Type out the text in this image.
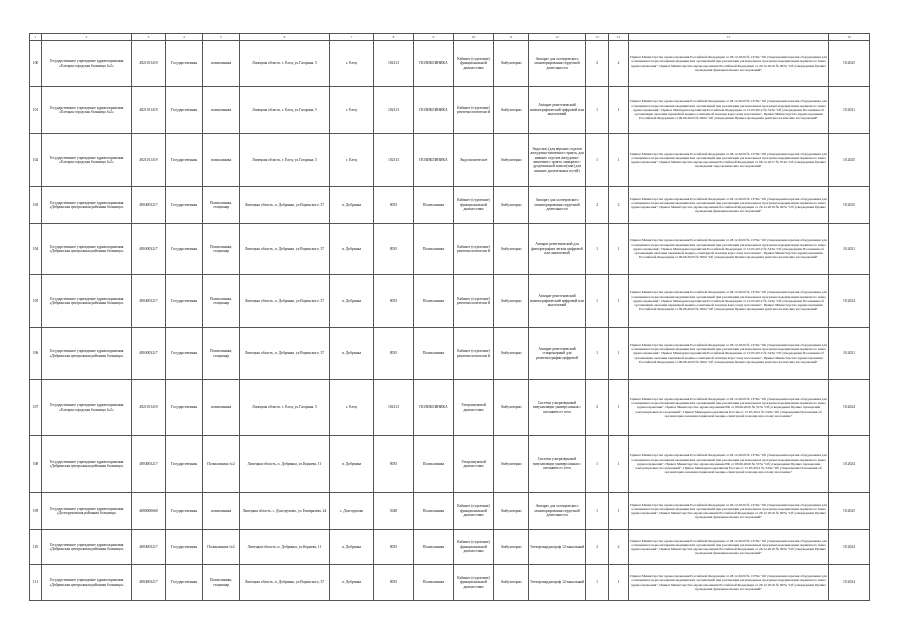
1	2	3	4	5	6	7	8	9	10	11	12	13	14	15	16
100	Государственное учреждение здравоохранения «Елецкая городская больница №2»	4821011419	Государственная	поликлиника	Липецкая область, г. Елец, ул.Гагарина, 5	г. Елец	102313	ПОЛИКЛИНИКА	Кабинет (отделение) функциональной диагностики	Амбулаторно	Аппарат для холтеровского мониторирования сердечной деятельности	2	2	Приказ Министерства здравоохранения Российской Федерации от 28.12.2020 № 1379н "Об утверждении перечня оборудования для оснащения и переоснащения медицинских организаций при реализации региональных программ модернизации первичного звена здравоохранения", Приказ Министерства здравоохранения Российской Федерации от 26.12.2016 № 997н "Об утверждении Правил проведения функциональных исследований"	10.2025
101	Государственное учреждение здравоохранения «Елецкая городская больница №2»	4821011419	Государственная	поликлиника	Липецкая область, г. Елец, ул.Гагарина, 5	г. Елец	102313	ПОЛИКЛИНИКА	Кабинет (отделение) рентгенологически й	Амбулаторно	Аппарат рентгеновский маммографический цифровой или аналоговый	1	1	Приказ Министерства здравоохранения Российской Федерации от 28.12.2020 № 1379н "Об утверждении перечня оборудования для оснащения и переоснащения медицинских организаций при реализации региональных программ модернизации первичного звена здравоохранения", Приказ Минздравсоцразвития Российской Федерации от 15.05.2012 № 543н "Об утверждении Положения об организации оказания первичной медико-санитарной помощи взрослому населению", Приказ Министерства здравоохранения Российской Федерации от 09.06.2020 № 560н "Об утверждении Правил проведения рентгенологических исследований"	10.2021
102	Государственное учреждение здравоохранения «Елецкая городская больница №2»	4821011419	Государственная	поликлиника	Липецкая область, г. Елец, ул.Гагарина, 5	г. Елец	102313	ПОЛИКЛИНИКА	Эндоскопическое	Амбулаторно	Эндоскоп (для верхних отделов желудочно-кишечного тракта, для нижних отделов желудочно-кишечного тракта, панкреато-дуоденальной зоны и(или) для нижних дыхательных путей)	1	1	Приказ Министерства здравоохранения Российской Федерации от 28.12.2020 № 1379н "Об утверждении перечня оборудования для оснащения и переоснащения медицинских организаций при реализации региональных программ модернизации первичного звена здравоохранения", Приказ Министерства здравоохранения Российской Федерации от 06.12.2017 № 974н "Об утверждении Правил проведения эндоскопических исследований"	10.2025
103	Государственное учреждение здравоохранения «Добринская центральная районная больница»	4804003217	Государственная	Поликлиника, стационар	Липецкая область, п. Добринка, ул.Воронского, 37	п. Добринка	8035	Поликлиника	Кабинет (отделение) функциональной диагностики	Амбулаторно	Аппарат для холтеровского мониторирования сердечной деятельности	2	2	Приказ Министерства здравоохранения Российской Федерации от 28.12.2020 № 1379н "Об утверждении перечня оборудования для оснащения и переоснащения медицинских организаций при реализации региональных программ модернизации первичного звена здравоохранения", Приказ Министерства здравоохранения Российской Федерации от 26.12.2016 № 997н "Об утверждении Правил проведения функциональных исследований"	10.2025
104	Государственное учреждение здравоохранения «Добринская центральная районная больница»	4804003217	Государственная	Поликлиника, стационар	Липецкая область, п. Добринка, ул.Воронского, 37	п. Добринка	8035	Поликлиника	Кабинет (отделение) рентгенологически й	Амбулаторно	Аппарат рентгеновский для флюорографии легких цифровой или аналоговый	1	1	Приказ Министерства здравоохранения Российской Федерации от 28.12.2020 № 1379н "Об утверждении перечня оборудования для оснащения и переоснащения медицинских организаций при реализации региональных программ модернизации первичного звена здравоохранения", Приказ Минздравсоцразвития Российской Федерации от 15.05.2012 № 543н "Об утверждении Положения об организации оказания первичной медико-санитарной помощи взрослому населению", Приказ Министерства здравоохранения Российской Федерации от 09.06.2020 № 560н "Об утверждении Правил проведения рентгенологических исследований"	10.2021
105	Государственное учреждение здравоохранения «Добринская центральная районная больница»	4804003217	Государственная	Поликлиника, стационар	Липецкая область, п. Добринка, ул.Воронского, 37	п. Добринка	8035	Поликлиника	Кабинет (отделение) рентгенологически й	Амбулаторно	Аппарат рентгеновский маммографический цифровой или аналоговый	1	1	Приказ Министерства здравоохранения Российской Федерации от 28.12.2020 № 1379н "Об утверждении перечня оборудования для оснащения и переоснащения медицинских организаций при реализации региональных программ модернизации первичного звена здравоохранения", Приказ Минздравсоцразвития Российской Федерации от 15.05.2012 № 543н "Об утверждении Положения об организации оказания первичной медико-санитарной помощи взрослому населению", Приказ Министерства здравоохранения Российской Федерации от 09.06.2020 № 560н "Об утверждении Правил проведения рентгенологических исследований"	10.2024
106	Государственное учреждение здравоохранения «Добринская центральная районная больница»	4804003217	Государственная	Поликлиника, стационар	Липецкая область, п. Добринка, ул.Воронского, 37	п. Добринка	8035	Поликлиника	Кабинет (отделение) рентгенологически й	Амбулаторно	Аппарат рентгеновский стационарный для рентгенографии цифровой	1	1	Приказ Министерства здравоохранения Российской Федерации от 28.12.2020 № 1379н "Об утверждении перечня оборудования для оснащения и переоснащения медицинских организаций при реализации региональных программ модернизации первичного звена здравоохранения", Приказ Минздравсоцразвития Российской Федерации от 15.05.2012 № 543н "Об утверждении Положения об организации оказания первичной медико-санитарной помощи взрослому населению", Приказ Министерства здравоохранения Российской Федерации от 09.06.2020 № 560н "Об утверждении Правил проведения рентгенологических исследований"	10.2021
107	Государственное учреждение здравоохранения «Елецкая городская больница №2»	4821011419	Государственная	поликлиника	Липецкая область, г. Елец, ул.Гагарина, 5	г. Елец	102313	ПОЛИКЛИНИКА	Ультразвуковой диагностики	Амбулаторно	Система ультразвуковой визуализации универсальная с питанием от сети	2	1	Приказ Министерства здравоохранения Российской Федерации от 28.12.2020 № 1379н "Об утверждении перечня оборудования для оснащения и переоснащения медицинских организаций при реализации региональных программ модернизации первичного звена здравоохранения", Приказ Министерства здравоохранения РФ от 08.06.2020 № 557н "Об утверждении Правил проведения ультразвуковых исследований", Приказ Минздравсоцразвития России от 15.05.2012 № 543н "Об утверждении Положения об организации оказания первичной медико-санитарной помощи взрослому населению"	10.2024
108	Государственное учреждение здравоохранения «Добринская центральная районная больница»	4804003217	Государственная	Поликлиника №2	Липецкая область, п. Добринка, ул.Корнева, 11	п. Добринка	8035	Поликлиника	Ультразвуковой диагностики	Амбулаторно	Система ультразвуковой визуализации универсальная с питанием от сети	1	1	Приказ Министерства здравоохранения Российской Федерации от 28.12.2020 № 1379н "Об утверждении перечня оборудования для оснащения и переоснащения медицинских организаций при реализации региональных программ модернизации первичного звена здравоохранения", Приказ Министерства здравоохранения РФ от 08.06.2020 № 557н "Об утверждении Правил проведения ультразвуковых исследований", Приказ Минздравсоцразвития России от 15.05.2012 № 543н "Об утверждении Положения об организации оказания первичной медико-санитарной помощи взрослому населению"	10.2024
109	Государственное учреждение здравоохранения «Долгоруковская районная больница»	4806000660	Государственная	поликлиника	Липецкая область, с. Долгоруково, ул.Тимирязева, 24	с. Долгоруково	5048	Поликлиника	Кабинет (отделение) функциональной диагностики	Амбулаторно	Аппарат для холтеровского мониторирования сердечной деятельности	1	1	Приказ Министерства здравоохранения Российской Федерации от 28.12.2020 № 1379н "Об утверждении перечня оборудования для оснащения и переоснащения медицинских организаций при реализации региональных программ модернизации первичного звена здравоохранения", Приказ Министерства здравоохранения Российской Федерации от 26.12.2016 № 997н "Об утверждении Правил проведения функциональных исследований"	10.2025
110	Государственное учреждение здравоохранения «Добринская центральная районная больница»	4804003217	Государственная	Поликлиника №2	Липецкая область, п. Добринка, ул.Корнева, 11	п. Добринка	8035	Поликлиника	Кабинет (отделение) функциональной диагностики	Амбулаторно	Электрокардиограф 12-канальный	2	2	Приказ Министерства здравоохранения Российской Федерации от 28.12.2020 № 1379н "Об утверждении перечня оборудования для оснащения и переоснащения медицинских организаций при реализации региональных программ модернизации первичного звена здравоохранения", Приказ Министерства здравоохранения Российской Федерации от 26.12.2016 № 997н "Об утверждении Правил проведения функциональных исследований"	10.2024
111	Государственное учреждение здравоохранения «Добринская центральная районная больница»	4804003217	Государственная	Поликлиника, стационар	Липецкая область, п. Добринка, ул.Воронского, 37	п. Добринка	8035	Поликлиника	Кабинет (отделение) функциональной диагностики	Амбулаторно	Электрокардиограф 12-канальный	1	1	Приказ Министерства здравоохранения Российской Федерации от 28.12.2020 № 1379н "Об утверждении перечня оборудования для оснащения и переоснащения медицинских организаций при реализации региональных программ модернизации первичного звена здравоохранения", Приказ Министерства здравоохранения Российской Федерации от 26.12.2016 № 997н "Об утверждении Правил проведения функциональных исследований"	10.2024
